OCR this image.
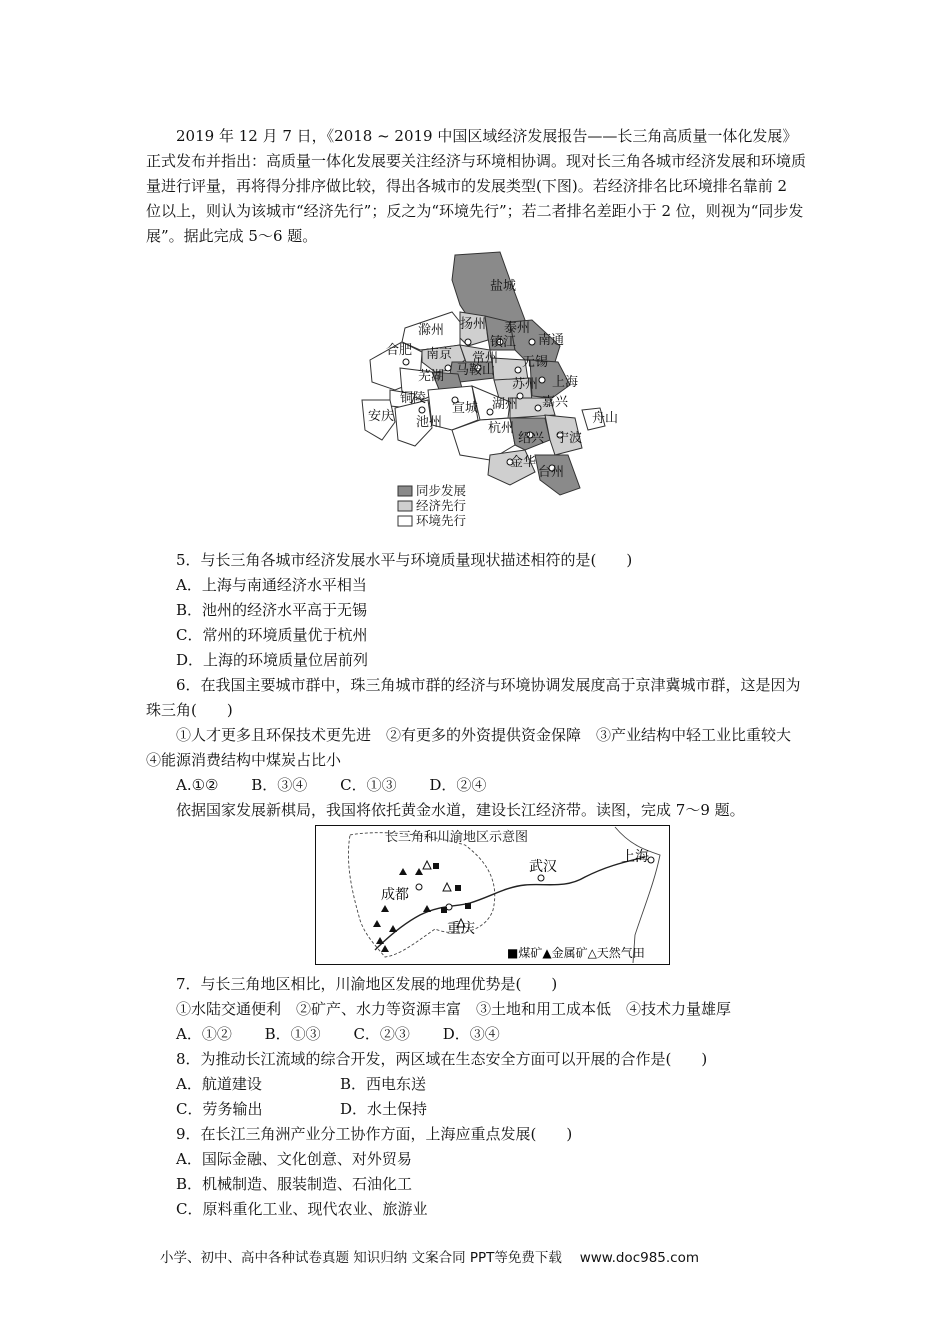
2019 年 12 月 7 日，《2018 ~ 2019 中国区域经济发展报告——长三角高质量一体化发展》正式发布并指出：高质量一体化发展要关注经济与环境相协调。现对长三角各城市经济发展和环境质量进行评量，再将得分排序做比较，得出各城市的发展类型(下图)。若经济排名比环境排名靠前 2 位以上，则认为该城市“经济先行”；反之为“环境先行”；若二者排名差距小于 2 位，则视为“同步发展”。据此完成 5～6 题。

盐城
滁州 扬州 泰州
南通
合肥 南京
镇江
常州 无锡
芜湖 马鞍山
苏州 上海
铜陵
安庆 池州
宣城 湖州 嘉兴
舟山
杭州
绍兴 宁波
金华
台州
同步发展
经济先行
环境先行
5．与长三角各城市经济发展水平与环境质量现状描述相符的是(　　)
A．上海与南通经济水平相当
B．池州的经济水平高于无锡
C．常州的环境质量优于杭州
D．上海的环境质量位居前列

6．在我国主要城市群中，珠三角城市群的经济与环境协调发展度高于京津冀城市群，这是因为珠三角(　　)

①人才更多且环保技术更先进　②有更多的外资提供资金保障　③产业结构中轻工业比重较大　④能源消费结构中煤炭占比小

A.①② B．③④ C．①③ D．②④
依据国家发展新棋局，我国将依托黄金水道，建设长江经济带。读图，完成 7～9 题。
长三角和川渝地区示意图
成都
重庆
武汉
上海
■煤矿▲金属矿△天然气田
7．与长三角地区相比，川渝地区发展的地理优势是(　　)
①水陆交通便利　②矿产、水力等资源丰富　③土地和用工成本低　④技术力量雄厚
A．①② B．①③ C．②③ D．③④
8．为推动长江流域的综合开发，两区域在生态安全方面可以开展的合作是(　　)
A．航道建设	B．西电东送
C．劳务输出	D．水土保持
9．在长江三角洲产业分工协作方面，上海应重点发展(　　)
A．国际金融、文化创意、对外贸易
B．机械制造、服装制造、石油化工
C．原料重化工业、现代农业、旅游业
小学、初中、高中各种试卷真题 知识归纳 文案合同 PPT等免费下载　 www.doc985.com
